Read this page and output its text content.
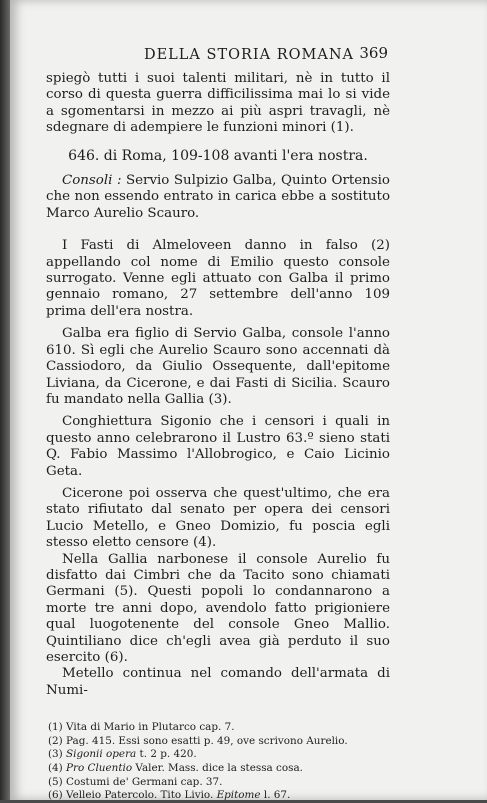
DELLA STORIA ROMANA 369

spiegò tutti i suoi talenti militari, nè in tutto il corso di questa guerra difficilissima mai lo si vide a sgomentarsi in mezzo ai più aspri travagli, nè sdegnare di adempiere le funzioni minori (1).

646. di Roma, 109-108 avanti l'era nostra.

Consoli : Servio Sulpizio Galba, Quinto Ortensio che non essendo entrato in carica ebbe a sostituto Marco Aurelio Scauro.

I Fasti di Almeloveen danno in falso (2) appellando col nome di Emilio questo console surrogato. Venne egli attuato con Galba il primo gennaio romano, 27 settembre dell'anno 109 prima dell'era nostra.

Galba era figlio di Servio Galba, console l'anno 610. Sì egli che Aurelio Scauro sono accennati dà Cassiodoro, da Giulio Ossequente, dall'epitome Liviana, da Cicerone, e dai Fasti di Sicilia. Scauro fu mandato nella Gallia (3).

Conghiettura Sigonio che i censori i quali in questo anno celebrarono il Lustro 63.º sieno stati Q. Fabio Massimo l'Allobrogico, e Caio Licinio Geta.

Cicerone poi osserva che quest'ultimo, che era stato rifiutato dal senato per opera dei censori Lucio Metello, e Gneo Domizio, fu poscia egli stesso eletto censore (4).

Nella Gallia narbonese il console Aurelio fu disfatto dai Cimbri che da Tacito sono chiamati Germani (5). Questi popoli lo condannarono a morte tre anni dopo, avendolo fatto prigioniere qual luogotenente del console Gneo Mallio. Quintiliano dice ch'egli avea già perduto il suo esercito (6).

Metello continua nel comando dell'armata di Numi-

(1) Vita di Mario in Plutarco cap. 7.
(2) Pag. 415. Essi sono esatti p. 49, ove scrivono Aurelio.
(3) Sigonii opera t. 2 p. 420.
(4) Pro Cluentio Valer. Mass. dice la stessa cosa.
(5) Costumi de' Germani cap. 37.
(6) Velleio Patercolo. Tito Livio. Epitome l. 67.
